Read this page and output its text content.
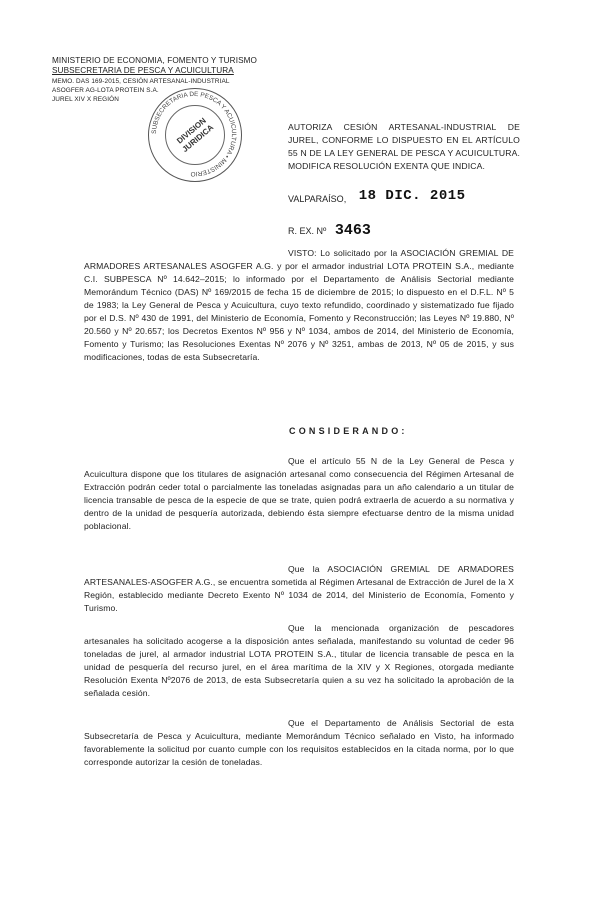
MINISTERIO DE ECONOMIA, FOMENTO Y TURISMO
SUBSECRETARIA DE PESCA Y ACUICULTURA
MEMO. DAS 169-2015, CESIÓN ARTESANAL-INDUSTRIAL
ASOGFER AG-LOTA PROTEIN S.A.
JUREL XIV X REGIÓN
SUBSECRETARIA DE PESCA Y ACUICULTURA • MINISTERIO
DIVISION JURIDICA	AUTORIZA CESIÓN ARTESANAL-INDUSTRIAL DE JUREL, CONFORME LO DISPUESTO EN EL ARTÍCULO 55 N DE LA LEY GENERAL DE PESCA Y ACUICULTURA. MODIFICA RESOLUCIÓN EXENTA QUE INDICA.
VALPARAÍSO, 18 DIC. 2015
R. EX. Nº 3463
VISTO: Lo solicitado por la ASOCIACIÓN GREMIAL DE ARMADORES ARTESANALES ASOGFER A.G. y por el armador industrial LOTA PROTEIN S.A., mediante C.I. SUBPESCA Nº 14.642–2015; lo informado por el Departamento de Análisis Sectorial mediante Memorándum Técnico (DAS) Nº 169/2015 de fecha 15 de diciembre de 2015; lo dispuesto en el D.F.L. Nº 5 de 1983; la Ley General de Pesca y Acuicultura, cuyo texto refundido, coordinado y sistematizado fue fijado por el D.S. Nº 430 de 1991, del Ministerio de Economía, Fomento y Reconstrucción; las Leyes Nº 19.880, Nº 20.560 y Nº 20.657; los Decretos Exentos Nº 956 y Nº 1034, ambos de 2014, del Ministerio de Economía, Fomento y Turismo; las Resoluciones Exentas Nº 2076 y Nº 3251, ambas de 2013, Nº 05 de 2015, y sus modificaciones, todas de esta Subsecretaría.
CONSIDERANDO:
Que el artículo 55 N de la Ley General de Pesca y Acuicultura dispone que los titulares de asignación artesanal como consecuencia del Régimen Artesanal de Extracción podrán ceder total o parcialmente las toneladas asignadas para un año calendario a un titular de licencia transable de pesca de la especie de que se trate, quien podrá extraerla de acuerdo a su normativa y dentro de la unidad de pesquería autorizada, debiendo ésta siempre efectuarse dentro de la misma unidad poblacional.
Que la ASOCIACIÓN GREMIAL DE ARMADORES ARTESANALES-ASOGFER A.G., se encuentra sometida al Régimen Artesanal de Extracción de Jurel de la X Región, establecido mediante Decreto Exento Nº 1034 de 2014, del Ministerio de Economía, Fomento y Turismo.
Que la mencionada organización de pescadores artesanales ha solicitado acogerse a la disposición antes señalada, manifestando su voluntad de ceder 96 toneladas de jurel, al armador industrial LOTA PROTEIN S.A., titular de licencia transable de pesca en la unidad de pesquería del recurso jurel, en el área marítima de la XIV y X Regiones, otorgada mediante Resolución Exenta Nº2076 de 2013, de esta Subsecretaría quien a su vez ha solicitado la aprobación de la señalada cesión.
Que el Departamento de Análisis Sectorial de esta Subsecretaría de Pesca y Acuicultura, mediante Memorándum Técnico señalado en Visto, ha informado favorablemente la solicitud por cuanto cumple con los requisitos establecidos en la citada norma, por lo que corresponde autorizar la cesión de toneladas.
